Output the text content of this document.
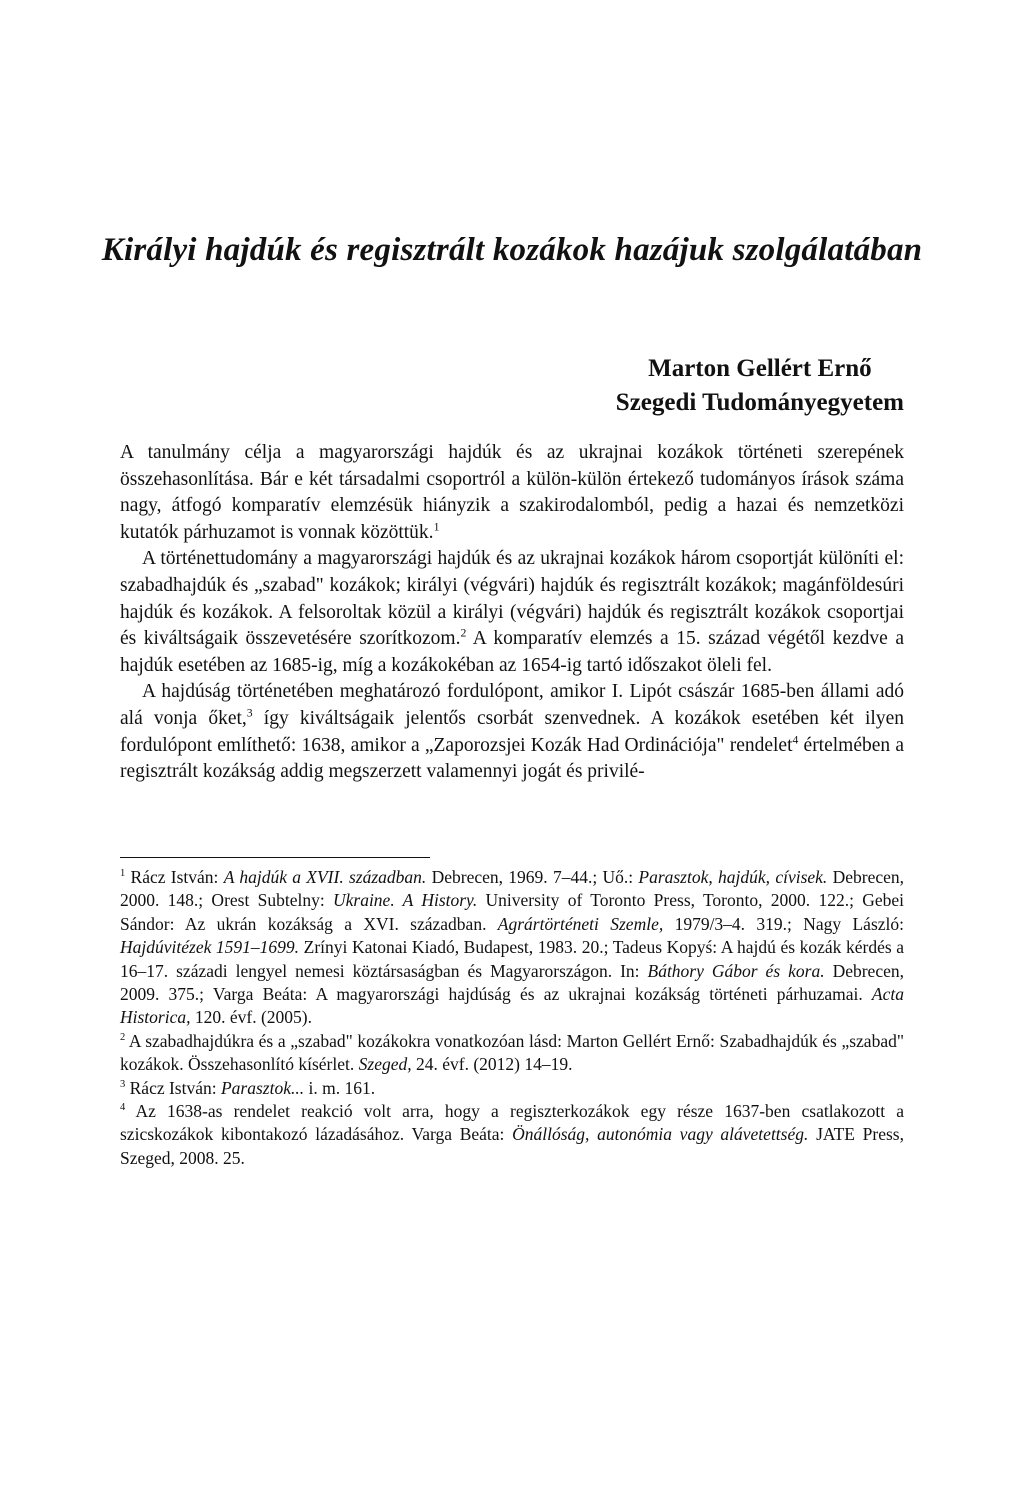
Királyi hajdúk és regisztrált kozákok hazájuk szolgálatában
Marton Gellért Ernő
Szegedi Tudományegyetem

A tanulmány célja a magyarországi hajdúk és az ukrajnai kozákok történeti szerepének összehasonlítása. Bár e két társadalmi csoportról a külön-külön értekező tudományos írások száma nagy, átfogó komparatív elemzésük hiányzik a szakirodalomból, pedig a hazai és nemzetközi kutatók párhuzamot is vonnak közöttük.$^1$

A történettudomány a magyarországi hajdúk és az ukrajnai kozákok három csoportját különíti el: szabadhajdúk és „szabad" kozákok; királyi (végvári) hajdúk és regisztrált kozákok; magánföldesúri hajdúk és kozákok. A felsoroltak közül a királyi (végvári) hajdúk és regisztrált kozákok csoportjai és kiváltságaik összevetésére szorítkozom.$^2$ A komparatív elemzés a 15. század végétől kezdve a hajdúk esetében az 1685-ig, míg a kozákokéban az 1654-ig tartó időszakot öleli fel.

A hajdúság történetében meghatározó fordulópont, amikor I. Lipót császár 1685-ben állami adó alá vonja őket,$^3$ így kiváltságaik jelentős csorbát szenvednek. A kozákok esetében két ilyen fordulópont említhető: 1638, amikor a „Zaporozsjei Kozák Had Ordinációja" rendelet$^4$ értelmében a regisztrált kozákság addig megszerzett valamennyi jogát és privilé-

$^1$ Rácz István: A hajdúk a XVII. században. Debrecen, 1969. 7–44.; Uő.: Parasztok, hajdúk, cívisek. Debrecen, 2000. 148.; Orest Subtelny: Ukraine. A History. University of Toronto Press, Toronto, 2000. 122.; Gebei Sándor: Az ukrán kozákság a XVI. században. Agrártörténeti Szemle, 1979/3–4. 319.; Nagy László: Hajdúvitézek 1591–1699. Zrínyi Katonai Kiadó, Budapest, 1983. 20.; Tadeus Kopyś: A hajdú és kozák kérdés a 16–17. századi lengyel nemesi köztársaságban és Magyarországon. In: Báthory Gábor és kora. Debrecen, 2009. 375.; Varga Beáta: A magyarországi hajdúság és az ukrajnai kozákság történeti párhuzamai. Acta Historica, 120. évf. (2005).

$^2$ A szabadhajdúkra és a „szabad" kozákokra vonatkozóan lásd: Marton Gellért Ernő: Szabadhajdúk és „szabad" kozákok. Összehasonlító kísérlet. Szeged, 24. évf. (2012) 14–19.

$^3$ Rácz István: Parasztok... i. m. 161.

$^4$ Az 1638-as rendelet reakció volt arra, hogy a regiszterkozákok egy része 1637-ben csatlakozott a szicskozákok kibontakozó lázadásához. Varga Beáta: Önállóság, autonómia vagy alávetettség. JATE Press, Szeged, 2008. 25.
